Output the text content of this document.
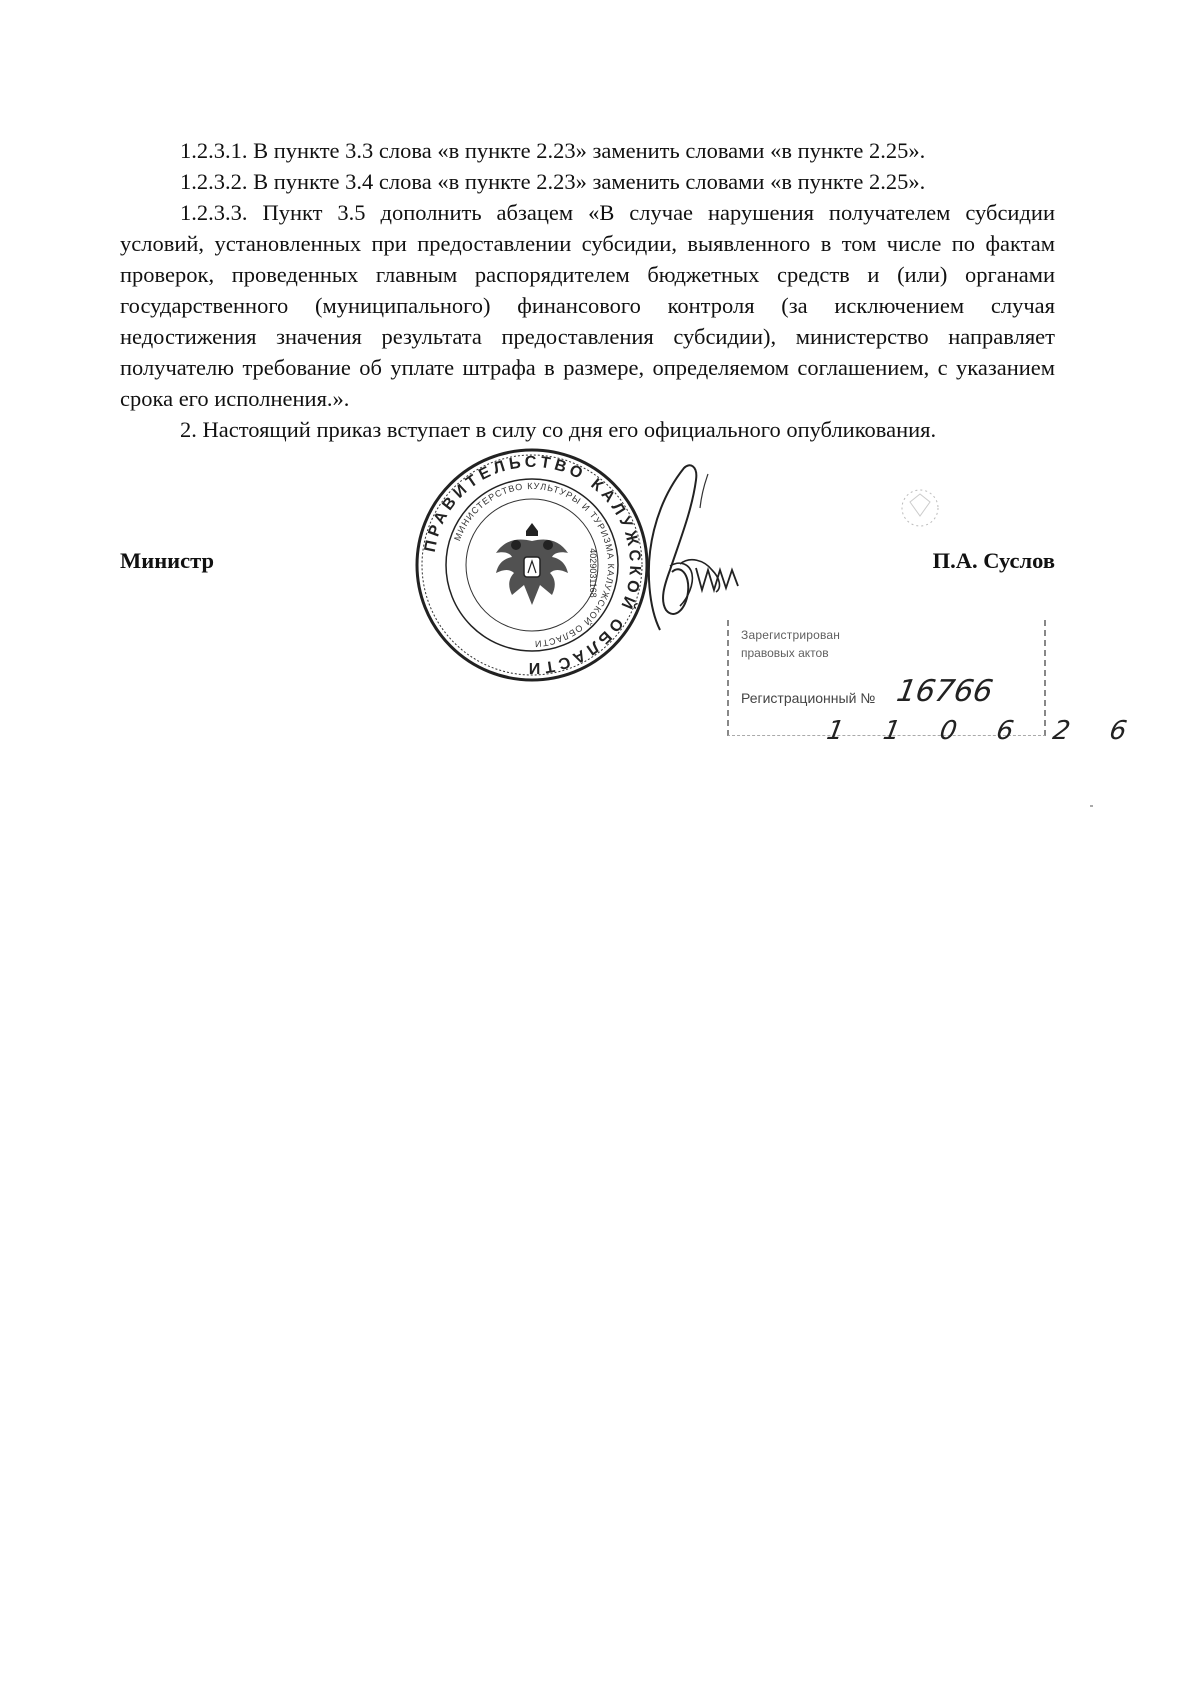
1.2.3.1. В пункте 3.3 слова «в пункте 2.23» заменить словами «в пункте 2.25».

1.2.3.2. В пункте 3.4 слова «в пункте 2.23» заменить словами «в пункте 2.25».

1.2.3.3. Пункт 3.5 дополнить абзацем «В случае нарушения получателем субсидии условий, установленных при предоставлении субсидии, выявленного в том числе по фактам проверок, проведенных главным распорядителем бюджетных средств и (или) органами государственного (муниципального) финансового контроля (за исключением случая недостижения значения результата предоставления субсидии), министерство направляет получателю требование об уплате штрафа в размере, определяемом соглашением, с указанием срока его исполнения.».

2. Настоящий приказ вступает в силу со дня его официального опубликования.

ПРАВИТЕЛЬСТВО КАЛУЖСКОЙ ОБЛАСТИ
МИНИСТЕРСТВО КУЛЬТУРЫ И ТУРИЗМА КАЛУЖСКОЙ ОБЛАСТИ
4029031168
Зарегистрирован
правовых актов
Регистрационный № 16766
110626
Министр	П.А. Суслов
